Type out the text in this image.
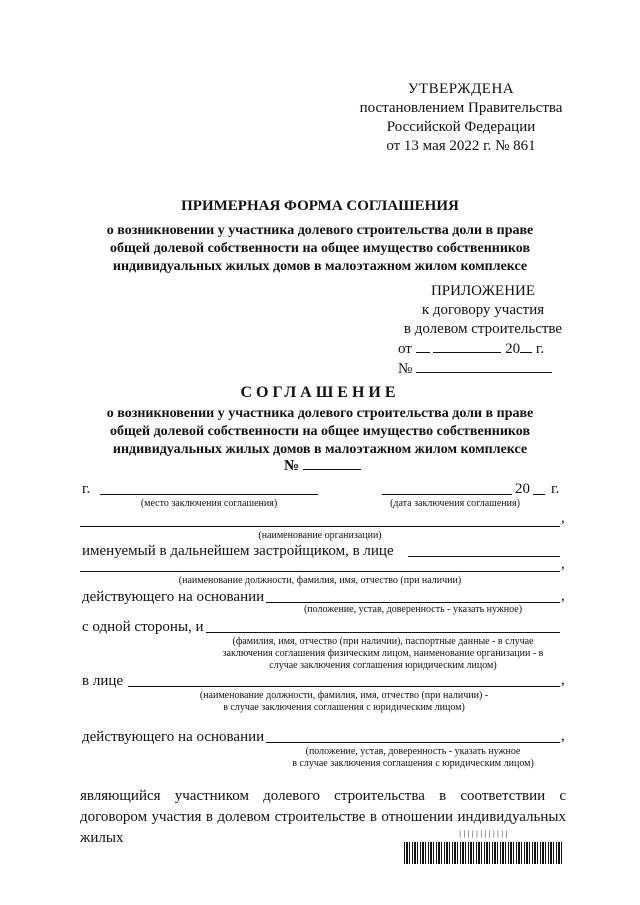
УТВЕРЖДЕНА
постановлением Правительства
Российской Федерации
от 13 мая 2022 г. № 861
ПРИМЕРНАЯ ФОРМА СОГЛАШЕНИЯ
о возникновении у участника долевого строительства доли в праве
общей долевой собственности на общее имущество собственников
индивидуальных жилых домов в малоэтажном жилом комплексе
ПРИЛОЖЕНИЕ
к договору участия
в долевом строительстве
от	20 г.
№
СОГЛАШЕНИЕ
о возникновении у участника долевого строительства доли в праве
общей долевой собственности на общее имущество собственников
индивидуальных жилых домов в малоэтажном жилом комплексе
№
г.
(место заключения соглашения)
20 г.
(дата заключения соглашения)
,
(наименование организации)
именуемый в дальнейшем застройщиком, в лице
,
(наименование должности, фамилия, имя, отчество (при наличии)
действующего на основании	,
(положение, устав, доверенность - указать нужное)
с одной стороны, и
(фамилия, имя, отчество (при наличии), паспортные данные - в случае
заключения соглашения физическим лицом, наименование организации - в
случае заключения соглашения юридическим лицом)
в лице	,
(наименование должности, фамилия, имя, отчество (при наличии) -
в случае заключения соглашения с юридическим лицом)
действующего на основании	,
(положение, устав, доверенность - указать нужное
в случае заключения соглашения с юридическим лицом)
являющийся участником долевого строительства в соответствии с договором участия в долевом строительстве в отношении индивидуальных жилых	||||||||||||
